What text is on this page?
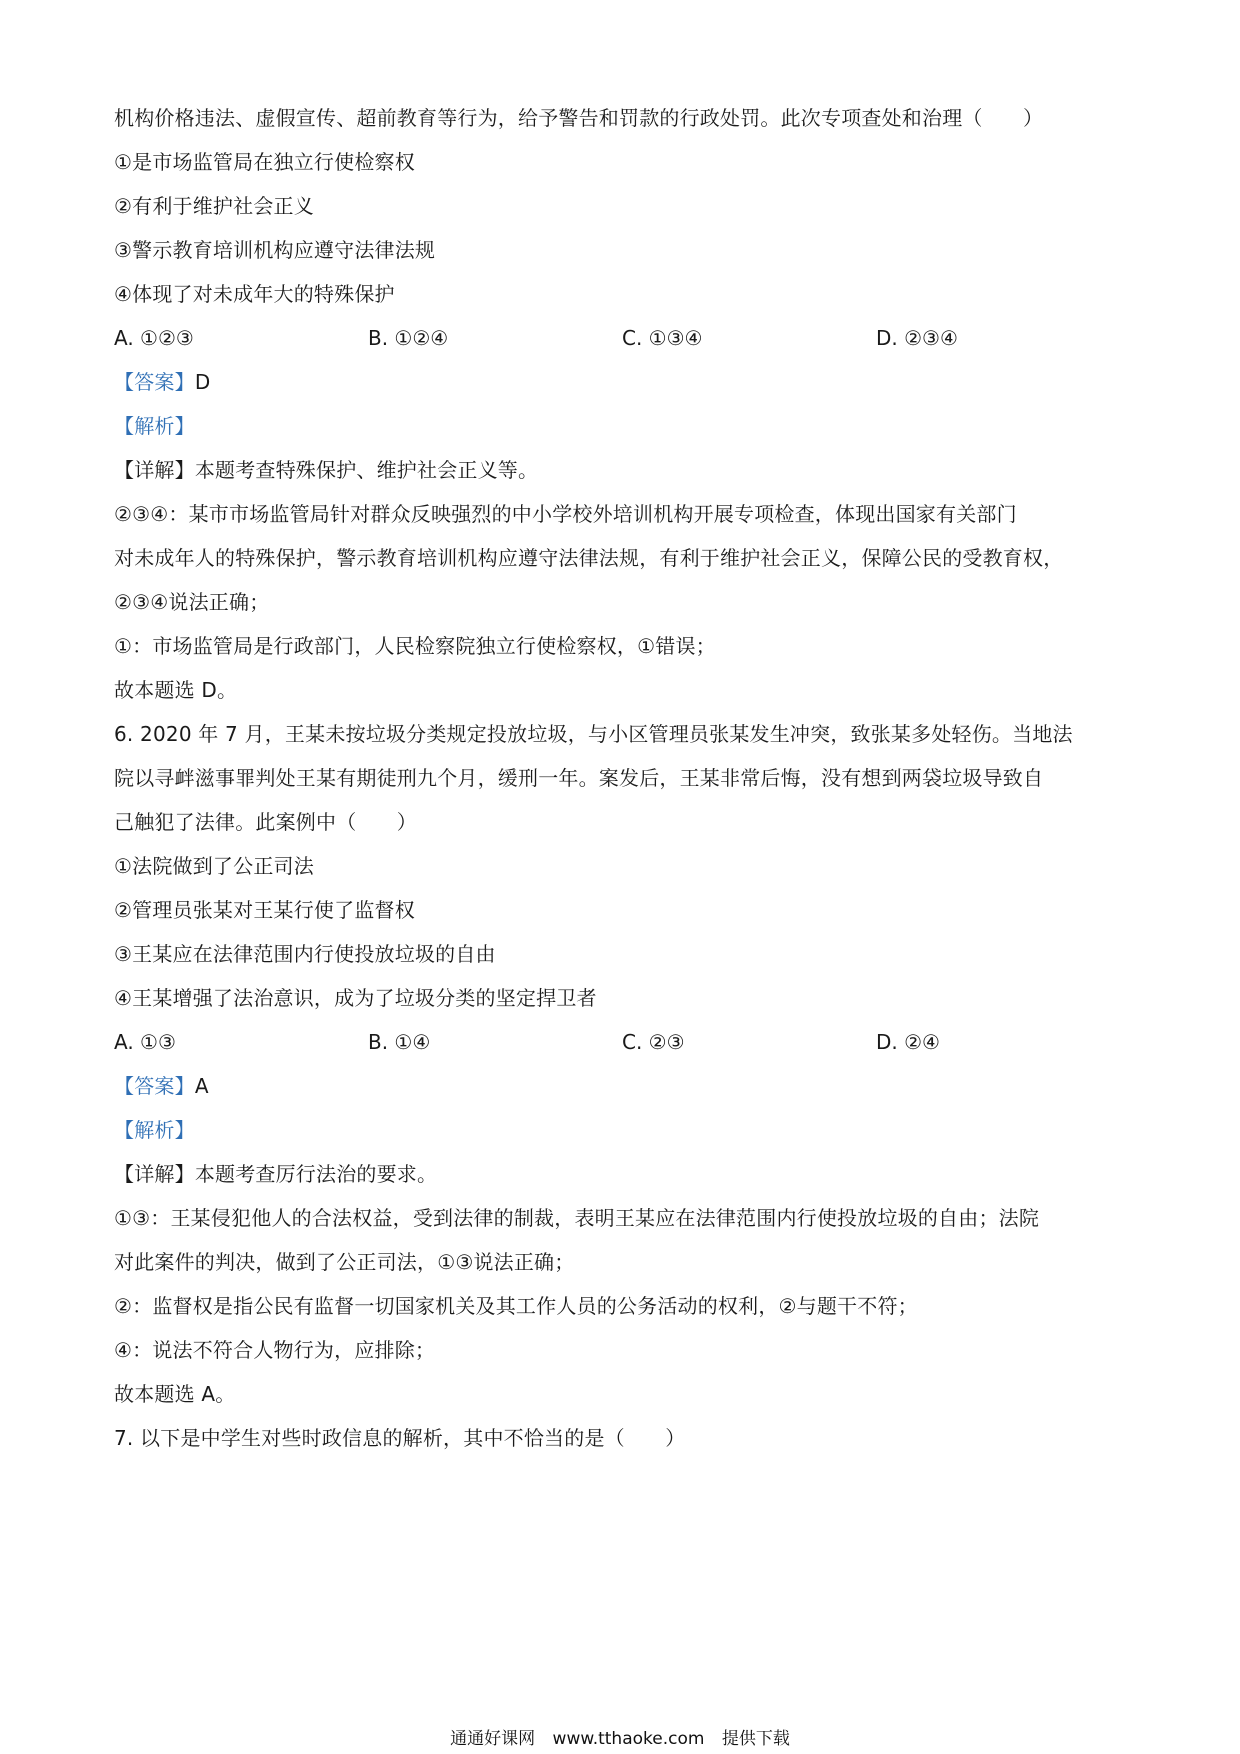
机构价格违法、虚假宣传、超前教育等行为，给予警告和罚款的行政处罚。此次专项查处和治理（　　）
①是市场监管局在独立行使检察权
②有利于维护社会正义
③警示教育培训机构应遵守法律法规
④体现了对未成年大的特殊保护
A. ①②③	B. ①②④	C. ①③④	D. ②③④
【答案】D
【解析】
【详解】本题考查特殊保护、维护社会正义等。
②③④：某市市场监管局针对群众反映强烈的中小学校外培训机构开展专项检查，体现出国家有关部门
对未成年人的特殊保护，警示教育培训机构应遵守法律法规，有利于维护社会正义，保障公民的受教育权，
②③④说法正确；
①：市场监管局是行政部门，人民检察院独立行使检察权，①错误；
故本题选 D。
6. 2020 年 7 月，王某未按垃圾分类规定投放垃圾，与小区管理员张某发生冲突，致张某多处轻伤。当地法
院以寻衅滋事罪判处王某有期徒刑九个月，缓刑一年。案发后，王某非常后悔，没有想到两袋垃圾导致自
己触犯了法律。此案例中（　　）
①法院做到了公正司法
②管理员张某对王某行使了监督权
③王某应在法律范围内行使投放垃圾的自由
④王某增强了法治意识，成为了垃圾分类的坚定捍卫者
A. ①③	B. ①④	C. ②③	D. ②④
【答案】A
【解析】
【详解】本题考查厉行法治的要求。
①③：王某侵犯他人的合法权益，受到法律的制裁，表明王某应在法律范围内行使投放垃圾的自由；法院
对此案件的判决，做到了公正司法，①③说法正确；
②：监督权是指公民有监督一切国家机关及其工作人员的公务活动的权利，②与题干不符；
④：说法不符合人物行为，应排除；
故本题选 A。
7. 以下是中学生对些时政信息的解析，其中不恰当的是（　　）
通通好课网 www.tthaoke.com 提供下载
